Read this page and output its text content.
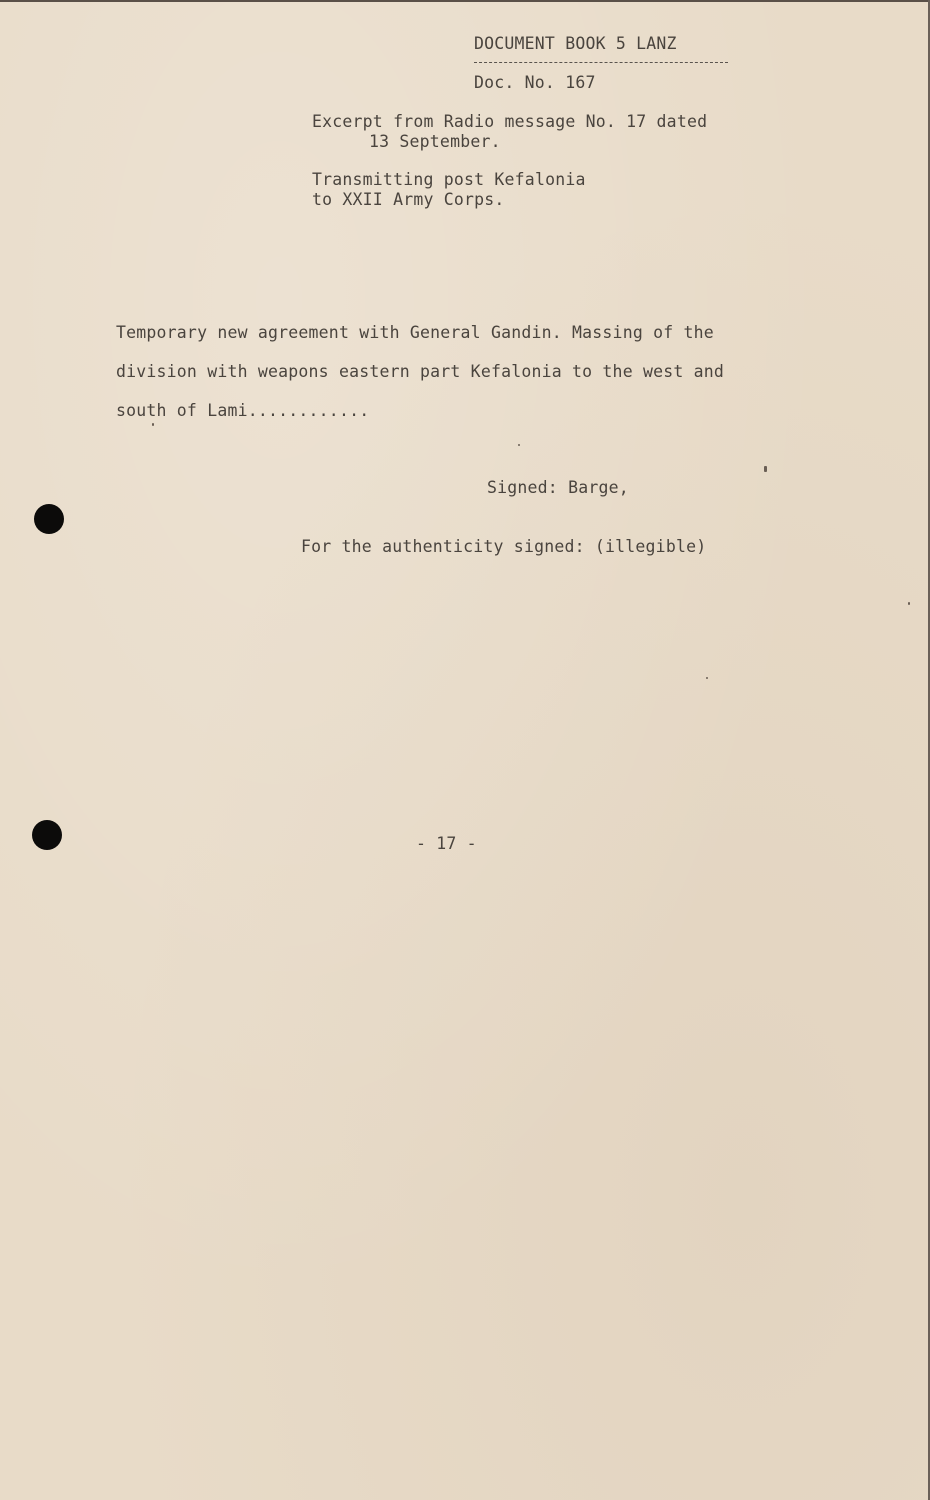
DOCUMENT BOOK 5 LANZ
Doc. No. 167
Excerpt from Radio message No. 17 dated
13 September.
Transmitting post Kefalonia
to XXII Army Corps.
Temporary new agreement with General Gandin. Massing of the
division with weapons eastern part Kefalonia to the west and
south of Lami............
Signed: Barge,
For the authenticity signed: (illegible)
- 17 -
